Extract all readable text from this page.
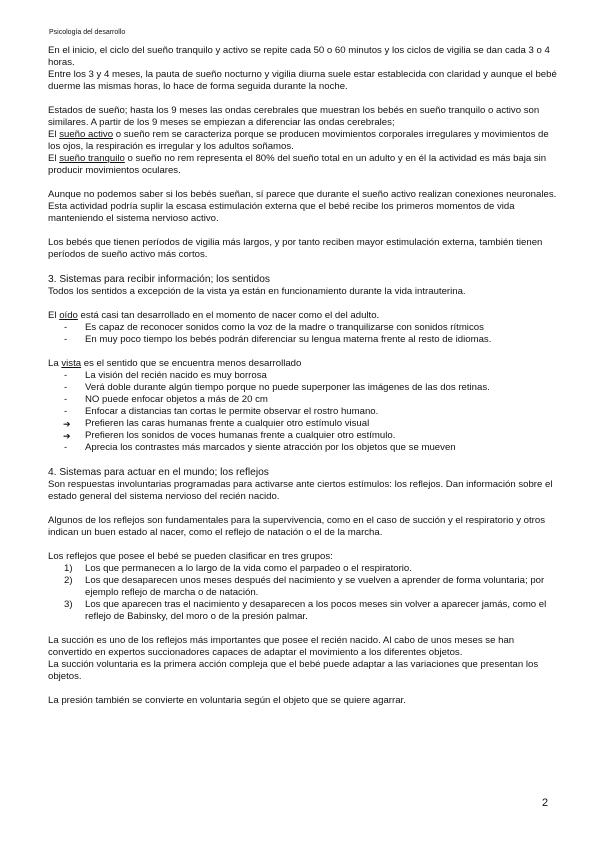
Psicología del desarrollo

En el inicio, el ciclo del sueño tranquilo y activo se repite cada 50 o 60 minutos y los ciclos de vigilia se dan cada 3 o 4 horas.

Entre los 3 y 4 meses, la pauta de sueño nocturno y vigilia diurna suele estar establecida con claridad y aunque el bebé duerme las mismas horas, lo hace de forma seguida durante la noche.

Estados de sueño; hasta los 9 meses las ondas cerebrales que muestran los bebés en sueño tranquilo o activo son similares. A partir de los 9 meses se empiezan a diferenciar las ondas cerebrales;

El sueño activo o sueño rem se caracteriza porque se producen movimientos corporales irregulares y movimientos de los ojos, la respiración es irregular y los adultos soñamos.

El sueño tranquilo o sueño no rem representa el 80% del sueño total en un adulto y en él la actividad es más baja sin producir movimientos oculares.

Aunque no podemos saber si los bebés sueñan, sí parece que durante el sueño activo realizan conexiones neuronales. Esta actividad podría suplir la escasa estimulación externa que el bebé recibe los primeros momentos de vida manteniendo el sistema nervioso activo.

Los bebés que tienen períodos de vigilia más largos, y por tanto reciben mayor estimulación externa, también tienen períodos de sueño activo más cortos.

3. Sistemas para recibir información; los sentidos

Todos los sentidos a excepción de la vista ya están en funcionamiento durante la vida intrauterina.

El oído está casi tan desarrollado en el momento de nacer como el del adulto.

- Es capaz de reconocer sonidos como la voz de la madre o tranquilizarse con sonidos rítmicos
- En muy poco tiempo los bebés podrán diferenciar su lengua materna frente al resto de idiomas.

La vista es el sentido que se encuentra menos desarrollado

- La visión del recién nacido es muy borrosa
- Verá doble durante algún tiempo porque no puede superponer las imágenes de las dos retinas.
- NO puede enfocar objetos a más de 20 cm
- Enfocar a distancias tan cortas le permite observar el rostro humano.
➔ Prefieren las caras humanas frente a cualquier otro estímulo visual
➔ Prefieren los sonidos de voces humanas frente a cualquier otro estímulo.
- Aprecia los contrastes más marcados y siente atracción por los objetos que se mueven

4. Sistemas para actuar en el mundo; los reflejos

Son respuestas involuntarias programadas para activarse ante ciertos estímulos: los reflejos. Dan información sobre el estado general del sistema nervioso del recién nacido.

Algunos de los reflejos son fundamentales para la supervivencia, como en el caso de succión y el respiratorio y otros indican un buen estado al nacer, como el reflejo de natación o el de la marcha.

Los reflejos que posee el bebé se pueden clasificar en tres grupos:

1) Los que permanecen a lo largo de la vida como el parpadeo o el respiratorio.
2) Los que desaparecen unos meses después del nacimiento y se vuelven a aprender de forma voluntaria; por ejemplo reflejo de marcha o de natación.
3) Los que aparecen tras el nacimiento y desaparecen a los pocos meses sin volver a aparecer jamás, como el reflejo de Babinsky, del moro o de la presión palmar.

La succión es uno de los reflejos más importantes que posee el recién nacido. Al cabo de unos meses se han convertido en expertos succionadores capaces de adaptar el movimiento a los diferentes objetos.

La succión voluntaria es la primera acción compleja que el bebé puede adaptar a las variaciones que presentan los objetos.

La presión también se convierte en voluntaria según el objeto que se quiere agarrar.

2
